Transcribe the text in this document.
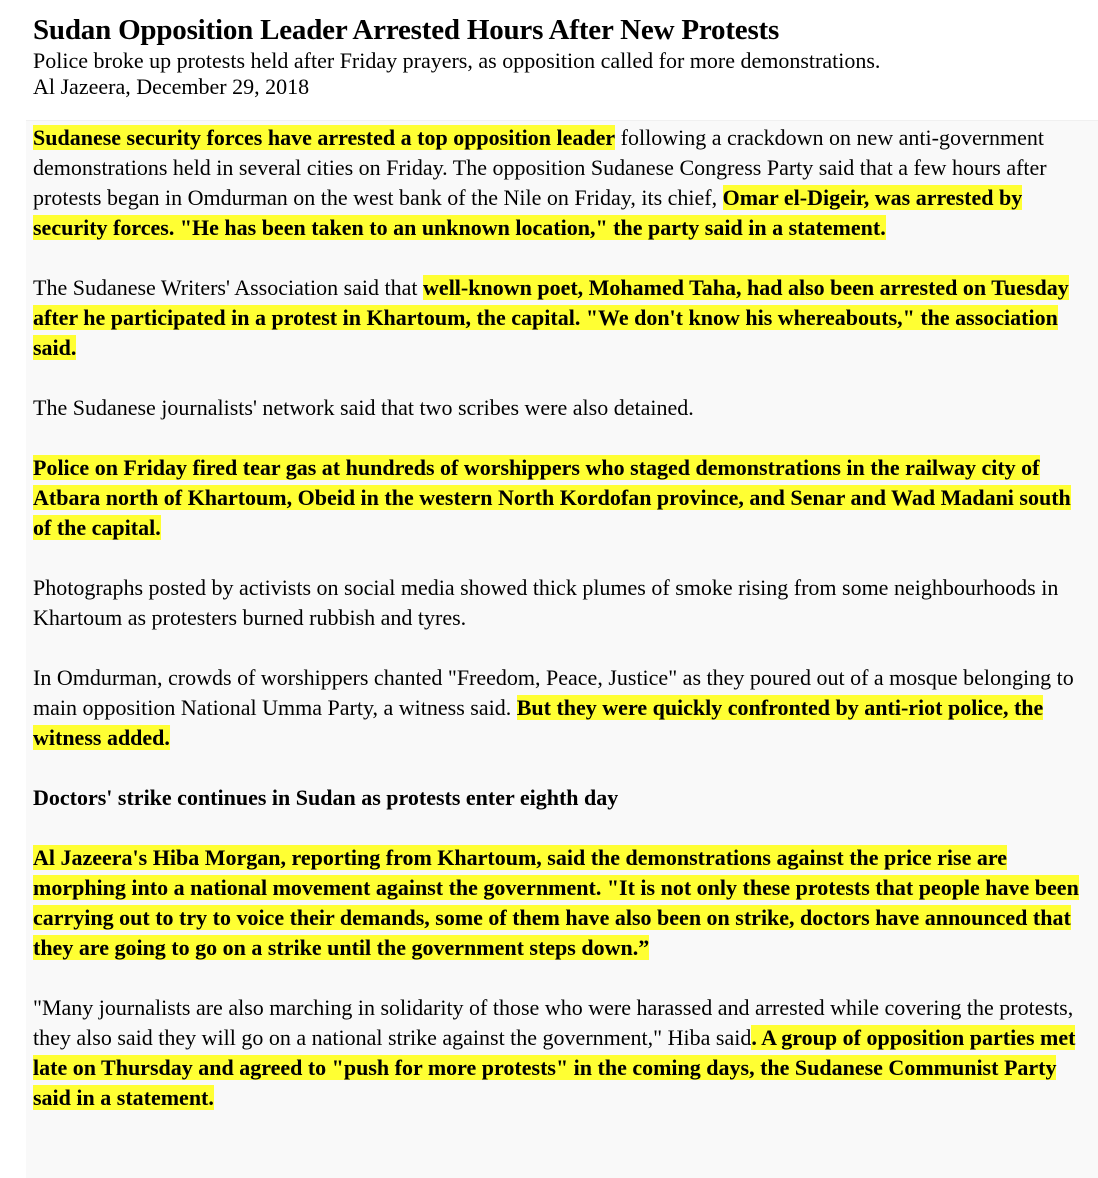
Sudan Opposition Leader Arrested Hours After New Protests

Police broke up protests held after Friday prayers, as opposition called for more demonstrations.

Al Jazeera, December 29, 2018

Sudanese security forces have arrested a top opposition leader following a crackdown on new anti-government demonstrations held in several cities on Friday. The opposition Sudanese Congress Party said that a few hours after protests began in Omdurman on the west bank of the Nile on Friday, its chief, Omar el-Digeir, was arrested by security forces. "He has been taken to an unknown location," the party said in a statement.

The Sudanese Writers' Association said that well-known poet, Mohamed Taha, had also been arrested on Tuesday after he participated in a protest in Khartoum, the capital. "We don't know his whereabouts," the association said.

The Sudanese journalists' network said that two scribes were also detained.

Police on Friday fired tear gas at hundreds of worshippers who staged demonstrations in the railway city of Atbara north of Khartoum, Obeid in the western North Kordofan province, and Senar and Wad Madani south of the capital.

Photographs posted by activists on social media showed thick plumes of smoke rising from some neighbourhoods in Khartoum as protesters burned rubbish and tyres.

In Omdurman, crowds of worshippers chanted "Freedom, Peace, Justice" as they poured out of a mosque belonging to main opposition National Umma Party, a witness said. But they were quickly confronted by anti-riot police, the witness added.

Doctors' strike continues in Sudan as protests enter eighth day

Al Jazeera's Hiba Morgan, reporting from Khartoum, said the demonstrations against the price rise are morphing into a national movement against the government. "It is not only these protests that people have been carrying out to try to voice their demands, some of them have also been on strike, doctors have announced that they are going to go on a strike until the government steps down.”

"Many journalists are also marching in solidarity of those who were harassed and arrested while covering the protests, they also said they will go on a national strike against the government," Hiba said. A group of opposition parties met late on Thursday and agreed to "push for more protests" in the coming days, the Sudanese Communist Party said in a statement.
